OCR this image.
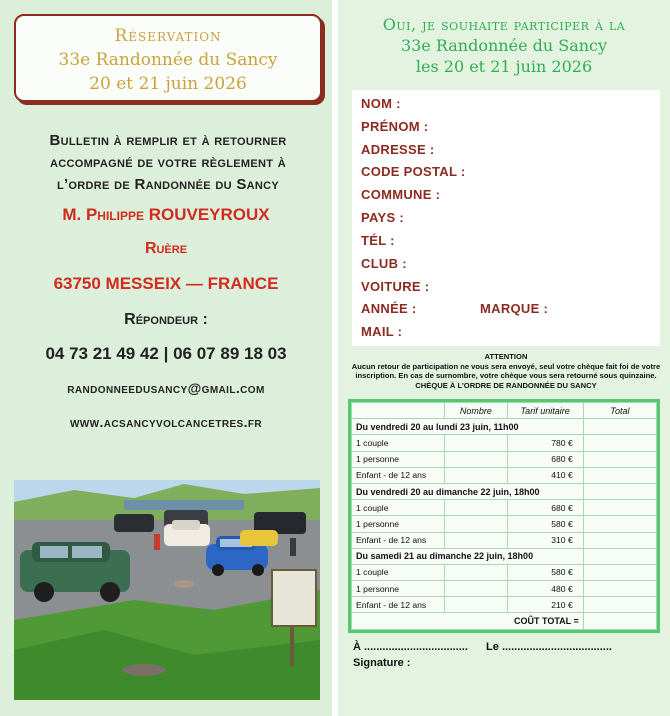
Réservation
33e Randonnée du Sancy
20 et 21 juin 2026
Bulletin à remplir et à retourner
accompagné de votre règlement à
l’ordre de Randonnée du Sancy
M. Philippe ROUVEYROUX
Ruère
63750 MESSEIX — FRANCE
Répondeur :
04 73 21 49 42 | 06 07 89 18 03
randonneedusancy@gmail.com
www.acsancyvolcancetres.fr
Oui, je souhaite participer à la
33e Randonnée du Sancy
les 20 et 21 juin 2026
NOM :
PRÉNOM :
ADRESSE :
CODE POSTAL :
COMMUNE :
PAYS :
TÉL :
CLUB :
VOITURE :
ANNÉE :	MARQUE :
MAIL :
ATTENTION
Aucun retour de participation ne vous sera envoyé, seul votre chèque fait foi de votre
inscription. En cas de surnombre, votre chèque vous sera retourné sous quinzaine.
CHÈQUE À L’ORDRE DE RANDONNÉE DU SANCY
	Nombre	Tarif unitaire	Total
Du vendredi 20 au lundi 23 juin, 11h00			
1 couple		780 €	
1 personne		680 €	
Enfant - de 12 ans		410 €	
Du vendredi 20 au dimanche 22 juin, 18h00			
1 couple		680 €	
1 personne		580 €	
Enfant - de 12 ans		310 €	
Du samedi 21 au dimanche 22 juin, 18h00			
1 couple		580 €	
1 personne		480 €	
Enfant - de 12 ans		210 €	
COÛT TOTAL =			
À .................................. Le ....................................
Signature :
